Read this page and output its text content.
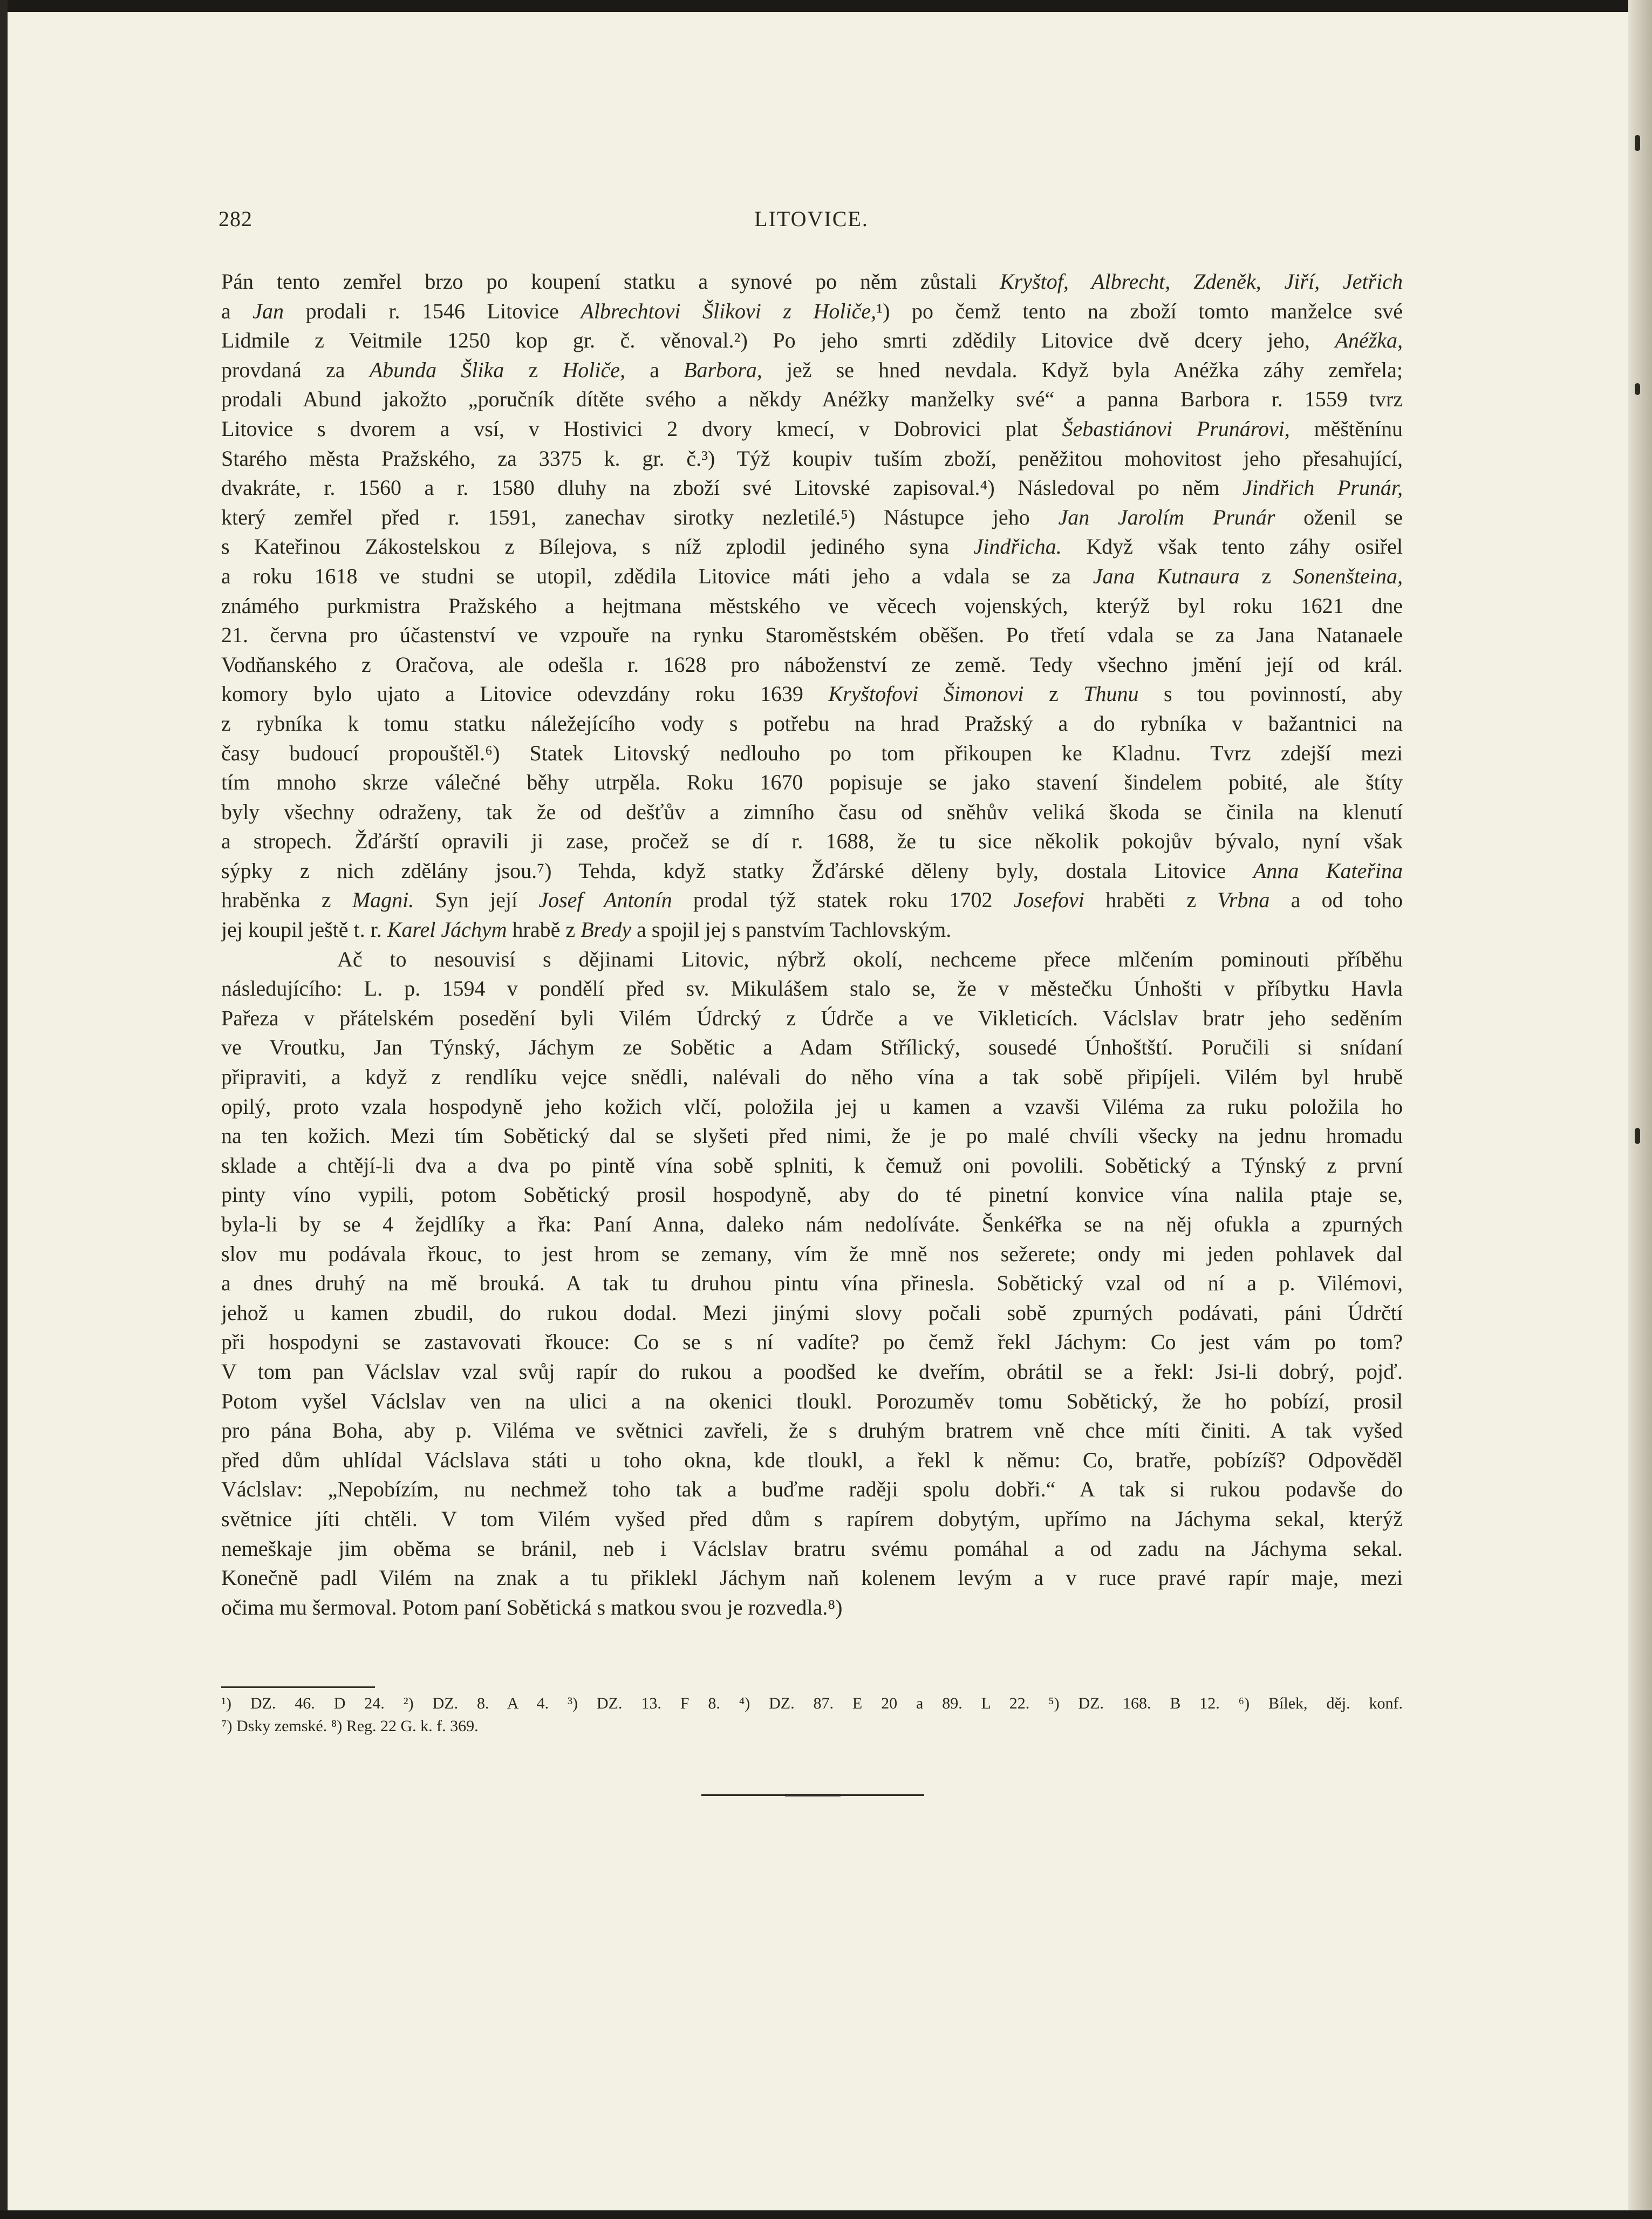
282	LITOVICE.
Pán tento zemřel brzo po koupení statku a synové po něm zůstali Kryštof, Albrecht, Zdeněk, Jiří, Jetřich
a Jan prodali r. 1546 Litovice Albrechtovi Šlikovi z Holiče,¹) po čemž tento na zboží tomto manželce své
Lidmile z Veitmile 1250 kop gr. č. věnoval.²) Po jeho smrti zdědily Litovice dvě dcery jeho, Anéžka,
provdaná za Abunda Šlika z Holiče, a Barbora, jež se hned nevdala. Když byla Anéžka záhy zemřela;
prodali Abund jakožto „poručník dítěte svého a někdy Anéžky manželky své“ a panna Barbora r. 1559 tvrz
Litovice s dvorem a vsí, v Hostivici 2 dvory kmecí, v Dobrovici plat Šebastiánovi Prunárovi, měštěnínu
Starého města Pražského, za 3375 k. gr. č.³) Týž koupiv tuším zboží, peněžitou mohovitost jeho přesahující,
dvakráte, r. 1560 a r. 1580 dluhy na zboží své Litovské zapisoval.⁴) Následoval po něm Jindřich Prunár,
který zemřel před r. 1591, zanechav sirotky nezletilé.⁵) Nástupce jeho Jan Jarolím Prunár oženil se
s Kateřinou Zákostelskou z Bílejova, s níž zplodil jediného syna Jindřicha. Když však tento záhy osiřel
a roku 1618 ve studni se utopil, zdědila Litovice máti jeho a vdala se za Jana Kutnaura z Sonenšteina,
známého purkmistra Pražského a hejtmana městského ve věcech vojenských, kterýž byl roku 1621 dne
21. června pro účastenství ve vzpouře na rynku Staroměstském oběšen. Po třetí vdala se za Jana Natanaele
Vodňanského z Oračova, ale odešla r. 1628 pro náboženství ze země. Tedy všechno jmění její od král.
komory bylo ujato a Litovice odevzdány roku 1639 Kryštofovi Šimonovi z Thunu s tou povinností, aby
z rybníka k tomu statku náležejícího vody s potřebu na hrad Pražský a do rybníka v bažantnici na
časy budoucí propouštěl.⁶) Statek Litovský nedlouho po tom přikoupen ke Kladnu. Tvrz zdejší mezi
tím mnoho skrze válečné běhy utrpěla. Roku 1670 popisuje se jako stavení šindelem pobité, ale štíty
byly všechny odraženy, tak že od dešťův a zimního času od sněhův veliká škoda se činila na klenutí
a stropech. Žďárští opravili ji zase, pročež se dí r. 1688, že tu sice několik pokojův bývalo, nyní však
sýpky z nich zdělány jsou.⁷) Tehda, když statky Žďárské děleny byly, dostala Litovice Anna Kateřina
hraběnka z Magni. Syn její Josef Antonín prodal týž statek roku 1702 Josefovi hraběti z Vrbna a od toho
jej koupil ještě t. r. Karel Jáchym hrabě z Bredy a spojil jej s panstvím Tachlovským.
Ač to nesouvisí s dějinami Litovic, nýbrž okolí, nechceme přece mlčením pominouti příběhu
následujícího: L. p. 1594 v pondělí před sv. Mikulášem stalo se, že v městečku Únhošti v příbytku Havla
Pařeza v přátelském posedění byli Vilém Údrcký z Údrče a ve Vikleticích. Václslav bratr jeho seděním
ve Vroutku, Jan Týnský, Jáchym ze Sobětic a Adam Střílický, sousedé Únhoštští. Poručili si snídaní
připraviti, a když z rendlíku vejce snědli, nalévali do něho vína a tak sobě připíjeli. Vilém byl hrubě
opilý, proto vzala hospodyně jeho kožich vlčí, položila jej u kamen a vzavši Viléma za ruku položila ho
na ten kožich. Mezi tím Sobětický dal se slyšeti před nimi, že je po malé chvíli všecky na jednu hromadu
sklade a chtějí-li dva a dva po pintě vína sobě splniti, k čemuž oni povolili. Sobětický a Týnský z první
pinty víno vypili, potom Sobětický prosil hospodyně, aby do té pinetní konvice vína nalila ptaje se,
byla-li by se 4 žejdlíky a řka: Paní Anna, daleko nám nedolíváte. Šenkéřka se na něj ofukla a zpurných
slov mu podávala řkouc, to jest hrom se zemany, vím že mně nos sežerete; ondy mi jeden pohlavek dal
a dnes druhý na mě brouká. A tak tu druhou pintu vína přinesla. Sobětický vzal od ní a p. Vilémovi,
jehož u kamen zbudil, do rukou dodal. Mezi jinými slovy počali sobě zpurných podávati, páni Údrčtí
při hospodyni se zastavovati řkouce: Co se s ní vadíte? po čemž řekl Jáchym: Co jest vám po tom?
V tom pan Václslav vzal svůj rapír do rukou a poodšed ke dveřím, obrátil se a řekl: Jsi-li dobrý, pojď.
Potom vyšel Václslav ven na ulici a na okenici tloukl. Porozuměv tomu Sobětický, že ho pobízí, prosil
pro pána Boha, aby p. Viléma ve světnici zavřeli, že s druhým bratrem vně chce míti činiti. A tak vyšed
před dům uhlídal Václslava státi u toho okna, kde tloukl, a řekl k němu: Co, bratře, pobízíš? Odpověděl
Václslav: „Nepobízím, nu nechmež toho tak a buďme raději spolu dobři.“ A tak si rukou podavše do
světnice jíti chtěli. V tom Vilém vyšed před dům s rapírem dobytým, upřímo na Jáchyma sekal, kterýž
nemeškaje jim oběma se bránil, neb i Václslav bratru svému pomáhal a od zadu na Jáchyma sekal.
Konečně padl Vilém na znak a tu přiklekl Jáchym naň kolenem levým a v ruce pravé rapír maje, mezi
očima mu šermoval. Potom paní Sobětická s matkou svou je rozvedla.⁸)
¹) DZ. 46. D 24. ²) DZ. 8. A 4. ³) DZ. 13. F 8. ⁴) DZ. 87. E 20 a 89. L 22. ⁵) DZ. 168. B 12. ⁶) Bílek, děj. konf.
⁷) Dsky zemské. ⁸) Reg. 22 G. k. f. 369.
